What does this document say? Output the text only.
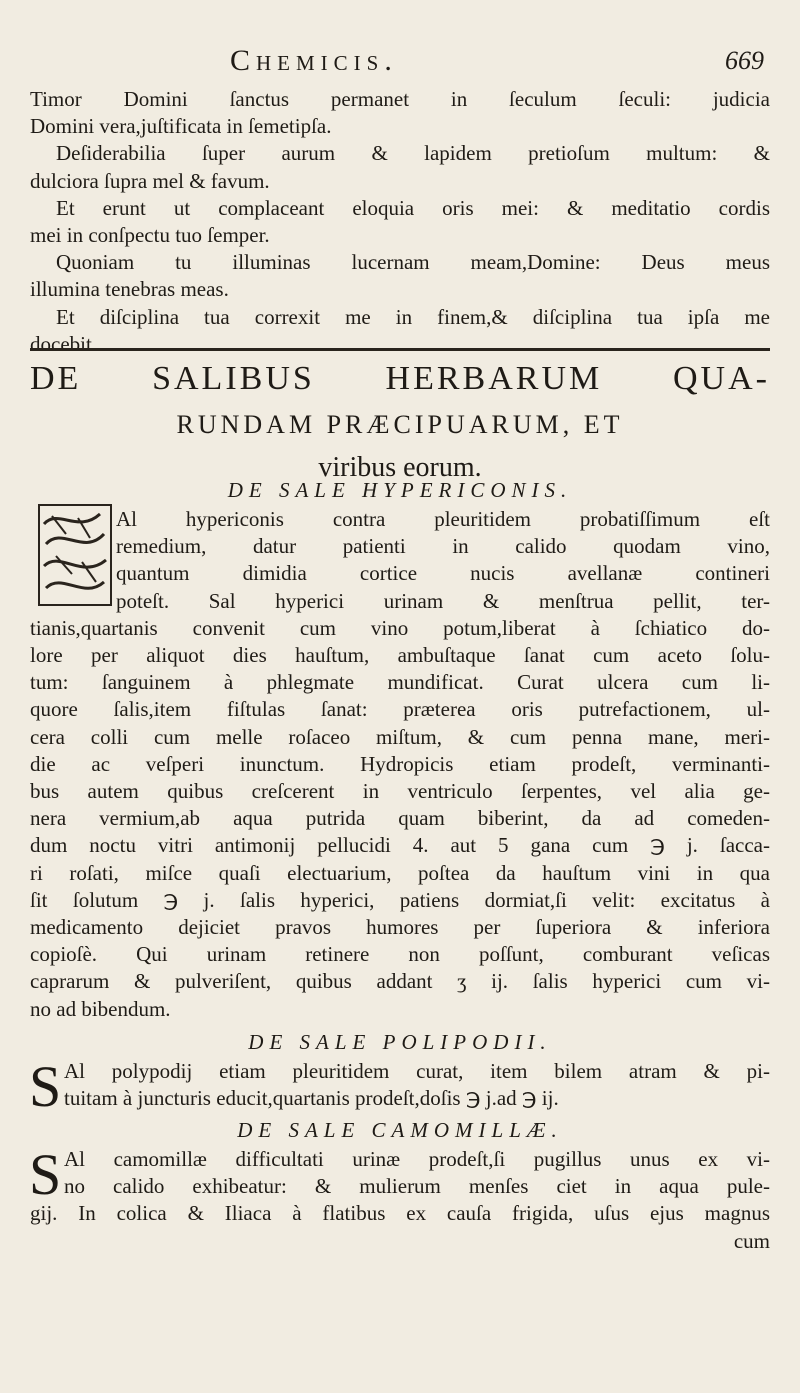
Chemicis.	669
Timor Domini ſanctus permanet in ſeculum ſeculi: judicia
Domini vera,juſtificata in ſemetipſa.
Deſiderabilia ſuper aurum & lapidem pretioſum multum: &
dulciora ſupra mel & favum.
Et erunt ut complaceant eloquia oris mei: & meditatio cordis
mei in conſpectu tuo ſemper.
Quoniam tu illuminas lucernam meam,Domine: Deus meus
illumina tenebras meas.
Et diſciplina tua correxit me in finem,& diſciplina tua ipſa me
docebit.
DE SALIBUS HERBARUM QUA-
RUNDAM PRÆCIPUARUM, ET
viribus eorum.
DE SALE HYPERICONIS.
Al hypericonis contra pleuritidem probatiſſimum eſt
remedium, datur patienti in calido quodam vino,
quantum dimidia cortice nucis avellanæ contineri
poteſt. Sal hyperici urinam & menſtrua pellit, ter-
tianis,quartanis convenit cum vino potum,liberat à ſchiatico do-
lore per aliquot dies hauſtum, ambuſtaque ſanat cum aceto ſolu-
tum: ſanguinem à phlegmate mundificat. Curat ulcera cum li-
quore ſalis,item fiſtulas ſanat: præterea oris putrefactionem, ul-
cera colli cum melle roſaceo miſtum, & cum penna mane, meri-
die ac veſperi inunctum. Hydropicis etiam prodeſt, verminanti-
bus autem quibus creſcerent in ventriculo ſerpentes, vel alia ge-
nera vermium,ab aqua putrida quam biberint, da ad comeden-
dum noctu vitri antimonij pellucidi 4. aut 5 gana cum ℈ j. ſacca-
ri roſati, miſce quaſi electuarium, poſtea da hauſtum vini in qua
ſit ſolutum ℈ j. ſalis hyperici, patiens dormiat,ſi velit: excitatus à
medicamento dejiciet pravos humores per ſuperiora & inferiora
copioſè. Qui urinam retinere non poſſunt, comburant veſicas
caprarum & pulveriſent, quibus addant ʒ ij. ſalis hyperici cum vi-
no ad bibendum.
DE SALE POLIPODII.
S Al polypodij etiam pleuritidem curat, item bilem atram & pi-
tuitam à juncturis educit,quartanis prodeſt,doſis ℈ j.ad ℈ ij.
DE SALE CAMOMILLÆ.
S Al camomillæ difficultati urinæ prodeſt,ſi pugillus unus ex vi-
no calido exhibeatur: & mulierum menſes ciet in aqua pule-
gij. In colica & Iliaca à flatibus ex cauſa frigida, uſus ejus magnus
cum
